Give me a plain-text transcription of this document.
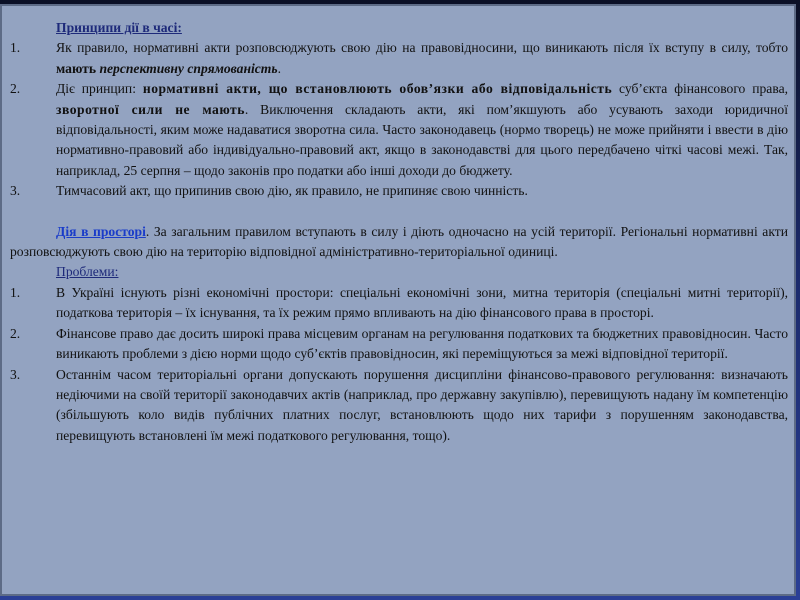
Принципи дії в часі:

1.	Як правило, нормативні акти розповсюджують свою дію на правовідносини, що виникають після їх вступу в силу, тобто мають перспективну спрямованість.

2.	Діє принцип: нормативні акти, що встановлюють обов’язки або відповідальність суб’єкта фінансового права, зворотної сили не мають. Виключення складають акти, які пом’якшують або усувають заходи юридичної відповідальності, яким може надаватися зворотна сила. Часто законодавець (нормо творець) не може прийняти і ввести в дію нормативно-правовий або індивідуально-правовий акт, якщо в законодавстві для цього передбачено чіткі часові межі. Так, наприклад, 25 серпня – щодо законів про податки або інші доходи до бюджету.

3.	Тимчасовий акт, що припинив свою дію, як правило, не припиняє свою чинність.

Дія в просторі. За загальним правилом вступають в силу і діють одночасно на усій території. Регіональні нормативні акти розповсюджують свою дію на територію відповідної адміністративно-територіальної одиниці.

Проблеми:

1.	В Україні існують різні економічні простори: спеціальні економічні зони, митна територія (спеціальні митні території), податкова територія – їх існування, та їх режим прямо впливають на дію фінансового права в просторі.

2.	Фінансове право дає досить широкі права місцевим органам на регулювання податкових та бюджетних правовідносин. Часто виникають проблеми з дією норми щодо суб’єктів правовідносин, які переміщуються за межі відповідної території.

3.	Останнім часом територіальні органи допускають порушення дисципліни фінансово-правового регулювання: визначають недіючими на своїй території законодавчих актів (наприклад, про державну закупівлю), перевищують надану їм компетенцію (збільшують коло видів публічних платних послуг, встановлюють щодо них тарифи з порушенням законодавства, перевищують встановлені їм межі податкового регулювання, тощо).
